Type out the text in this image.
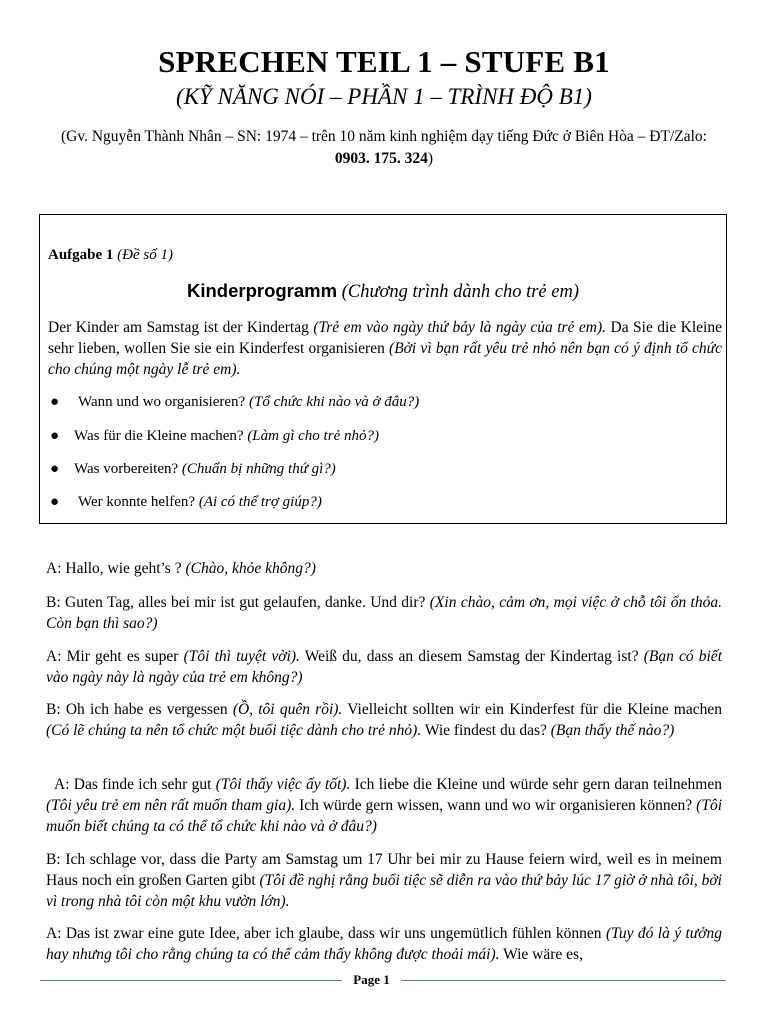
SPRECHEN TEIL 1 – STUFE B1
(KỸ NĂNG NÓI – PHẦN 1 – TRÌNH ĐỘ B1)
(Gv. Nguyễn Thành Nhân – SN: 1974 – trên 10 năm kinh nghiệm dạy tiếng Đức ở Biên Hòa – ĐT/Zalo: 0903. 175. 324)
Aufgabe 1 (Đề số 1)
Kinderprogramm (Chương trình dành cho trẻ em)
Der Kinder am Samstag ist der Kindertag (Trẻ em vào ngày thứ bảy là ngày của trẻ em). Da Sie die Kleine sehr lieben, wollen Sie sie ein Kinderfest organisieren (Bởi vì bạn rất yêu trẻ nhỏ nên bạn có ý định tổ chức cho chúng một ngày lễ trẻ em).
● Wann und wo organisieren? (Tổ chức khi nào và ở đâu?)
● Was für die Kleine machen? (Làm gì cho trẻ nhỏ?)
● Was vorbereiten? (Chuẩn bị những thứ gì?)
● Wer konnte helfen? (Ai có thể trợ giúp?)
A: Hallo, wie geht’s ? (Chào, khỏe không?)
B: Guten Tag, alles bei mir ist gut gelaufen, danke. Und dir? (Xin chào, cảm ơn, mọi việc ở chỗ tôi ổn thỏa. Còn bạn thì sao?)
A: Mir geht es super (Tôi thì tuyệt vời). Weiß du, dass an diesem Samstag der Kindertag ist? (Bạn có biết vào ngày này là ngày của trẻ em không?)
B: Oh ich habe es vergessen (Ồ, tôi quên rồi). Vielleicht sollten wir ein Kinderfest für die Kleine machen (Có lẽ chúng ta nên tổ chức một buổi tiệc dành cho trẻ nhỏ). Wie findest du das? (Bạn thấy thế nào?)
A: Das finde ich sehr gut (Tôi thấy việc ấy tốt). Ich liebe die Kleine und würde sehr gern daran teilnehmen (Tôi yêu trẻ em nên rất muốn tham gia). Ich würde gern wissen, wann und wo wir organisieren können? (Tôi muốn biết chúng ta có thể tổ chức khi nào và ở đâu?)
B: Ich schlage vor, dass die Party am Samstag um 17 Uhr bei mir zu Hause feiern wird, weil es in meinem Haus noch ein großen Garten gibt (Tôi đề nghị rằng buổi tiệc sẽ diễn ra vào thứ bảy lúc 17 giờ ở nhà tôi, bởi vì trong nhà tôi còn một khu vườn lớn).
A: Das ist zwar eine gute Idee, aber ich glaube, dass wir uns ungemütlich fühlen können (Tuy đó là ý tưởng hay nhưng tôi cho rằng chúng ta có thể cảm thấy không được thoải mái). Wie wäre es,
Page 1
